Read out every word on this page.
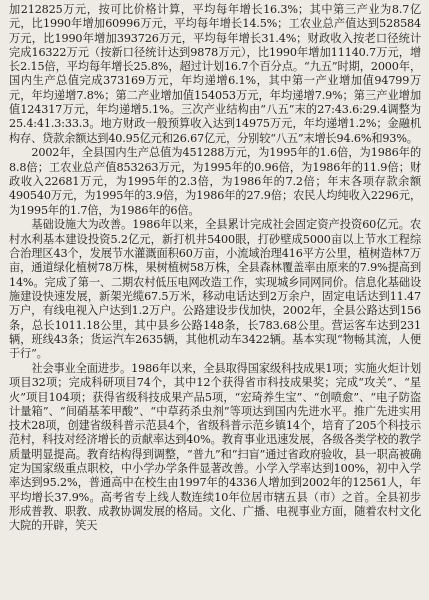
加212825万元，按可比价格计算，平均每年增长16.3%；其中第三产业为8.7亿元，比1990年增加60996万元，平均每年增长14.5%；工农业总产值达到528584万元，比1990年增加393726万元，平均每年增长31.4%；财政收入按老口径统计完成16322万元（按新口径统计达到9878万元），比1990年增加11140.7万元，增长2.15倍，平均每年增长25.8%，超过计划16.7个百分点。“九五”时期，2000年，国内生产总值完成373169万元，年均递增6.1%，其中第一产业增加值94799万元，年均递增7.8%；第二产业增加值154053万元，年均递增7.9%；第三产业增加值124317万元，年均递增5.1%。三次产业结构由“八五”末的27:43.6:29.4调整为25.4:41.3:33.3。地方财政一般预算收入达到14975万元，年均递增1.2%；金融机构存、贷款余额达到40.95亿元和26.67亿元，分别较“八五”末增长94.6%和93%。

2002年，全县国内生产总值为451288万元，为1995年的1.6倍，为1986年的8.8倍；工农业总产值853263万元，为1995年的0.96倍，为1986年的11.9倍；财政收入22681万元，为1995年的2.3倍，为1986年的7.2倍；年末各项存款余额490540万元，为1995年的3.9倍，为1986年的27.9倍；农民人均纯收入2296元，为1995年的1.7倍，为1986年的6倍。

基础设施大为改善。1986年以来，全县累计完成社会固定资产投资60亿元。农村水利基本建设投资5.2亿元，新打机井5400眼，打砂壁成5000亩以上节水工程综合治理区43个，发展节水灌溉面积60万亩，小流域治理416平方公里，植树造林7万亩，通道绿化植树78万株，果树植树58万株，全县森林覆盖率由原来的7.9%提高到14%。完成了第一、二期农村低压电网改造工作，实现城乡同网同价。信息化基础设施建设快速发展，新架光缆67.5万米，移动电话达到2万余户，固定电话达到11.47万户，有线电视入户达到1.2万户。公路建设步伐加快，2002年，全县公路达到156条，总长1011.18公里，其中县乡公路148条，长783.68公里。营运客车达到231辆，班线43条；货运汽车2635辆，其他机动车3422辆。基本实现“物畅其流，人便于行”。

社会事业全面进步。1986年以来，全县取得国家级科技成果1项；实施火炬计划项目32项；完成科研项目74个，其中12个获得省市科技成果奖；完成“攻关”、“星火”项目104项；获得省级科技成果产品5项，“宏琦养生宝”、“创喷愈”、“电子防盗计量箱”、“间硝基苯甲酸”、“中草药杀虫剂”等项达到国内先进水平。推广先进实用技术28项，创建省级科普示范县4个，省级科普示范乡镇14个，培育了205个科技示范村，科技对经济增长的贡献率达到40%。教育事业迅速发展，各级各类学校的教学质量明显提高。教育结构得到调整，“普九”和“扫盲”通过省政府验收，县一职高被确定为国家级重点职校，中小学办学条件显著改善。小学入学率达到100%，初中入学率达到95.2%，普通高中在校生由1997年的4336人增加到2002年的12561人，年平均增长37.9%。高考省专上线人数连续10年位居市辖五县（市）之首。全县初步形成普教、职教、成教协调发展的格局。文化、广播、电视事业方面，随着农村文化大院的开辟，笑天
